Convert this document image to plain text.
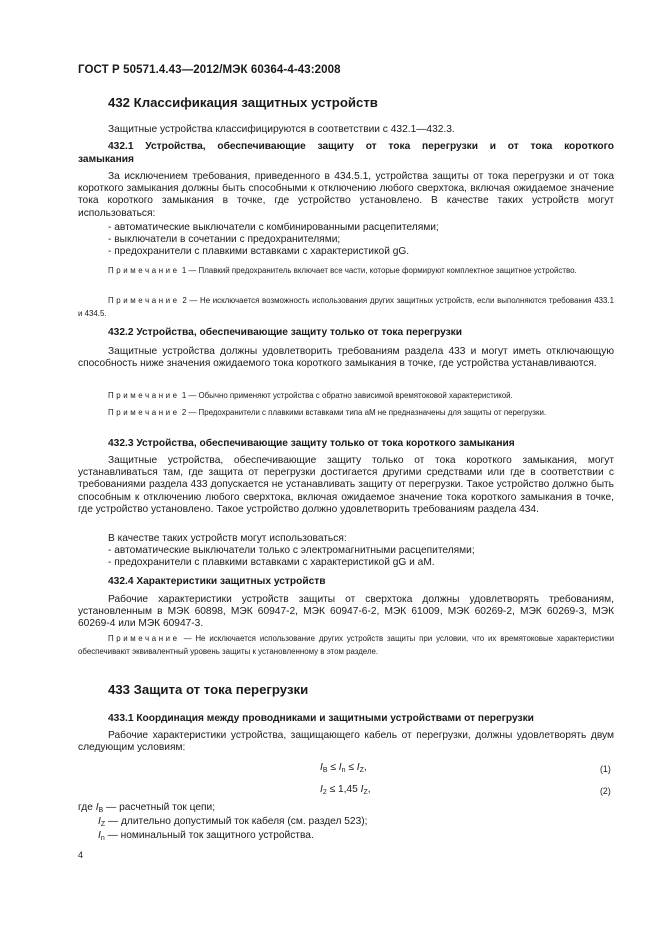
ГОСТ Р 50571.4.43—2012/МЭК 60364-4-43:2008
432 Классификация защитных устройств
Защитные устройства классифицируются в соответствии с 432.1—432.3.
432.1 Устройства, обеспечивающие защиту от тока перегрузки и от тока короткого
замыкания
За исключением требования, приведенного в 434.5.1, устройства защиты от тока перегрузки и от тока короткого замыкания должны быть способными к отключению любого сверхтока, включая ожидаемое значение тока короткого замыкания в точке, где устройство установлено. В качестве таких устройств могут использоваться:
- автоматические выключатели с комбинированными расцепителями;
- выключатели в сочетании с предохранителями;
- предохранители с плавкими вставками с характеристикой gG.
Примечание 1 — Плавкий предохранитель включает все части, которые формируют комплектное защитное устройство.
Примечание 2 — Не исключается возможность использования других защитных устройств, если выполняются требования 433.1 и 434.5.
432.2 Устройства, обеспечивающие защиту только от тока перегрузки
Защитные устройства должны удовлетворить требованиям раздела 433 и могут иметь отключающую способность ниже значения ожидаемого тока короткого замыкания в точке, где устройства устанавливаются.
Примечание 1 — Обычно применяют устройства с обратно зависимой времятоковой характеристикой.
Примечание 2 — Предохранители с плавкими вставками типа aM не предназначены для защиты от перегрузки.
432.3 Устройства, обеспечивающие защиту только от тока короткого замыкания
Защитные устройства, обеспечивающие защиту только от тока короткого замыкания, могут устанавливаться там, где защита от перегрузки достигается другими средствами или где в соответствии с требованиями раздела 433 допускается не устанавливать защиту от перегрузки. Такое устройство должно быть способным к отключению любого сверхтока, включая ожидаемое значение тока короткого замыкания в точке, где устройство установлено. Такое устройство должно удовлетворить требованиям раздела 434.
В качестве таких устройств могут использоваться:
- автоматические выключатели только с электромагнитными расцепителями;
- предохранители с плавкими вставками с характеристикой gG и aM.
432.4 Характеристики защитных устройств
Рабочие характеристики устройств защиты от сверхтока должны удовлетворять требованиям, установленным в МЭК 60898, МЭК 60947-2, МЭК 60947-6-2, МЭК 61009, МЭК 60269-2, МЭК 60269-3, МЭК 60269-4 или МЭК 60947-3.
Примечание — Не исключается использование других устройств защиты при условии, что их времятоковые характеристики обеспечивают эквивалентный уровень защиты к установленному в этом разделе.
433 Защита от тока перегрузки
433.1 Координация между проводниками и защитными устройствами от перегрузки
Рабочие характеристики устройства, защищающего кабель от перегрузки, должны удовлетворять двум следующим условиям:
$I_B \le I_n \le I_Z$,	(1)
$I_2 \le 1,45$ $I_Z$,	(2)
где $I_B$ — расчетный ток цепи;
$I_Z$ — длительно допустимый ток кабеля (см. раздел 523);
$I_n$ — номинальный ток защитного устройства.
4
